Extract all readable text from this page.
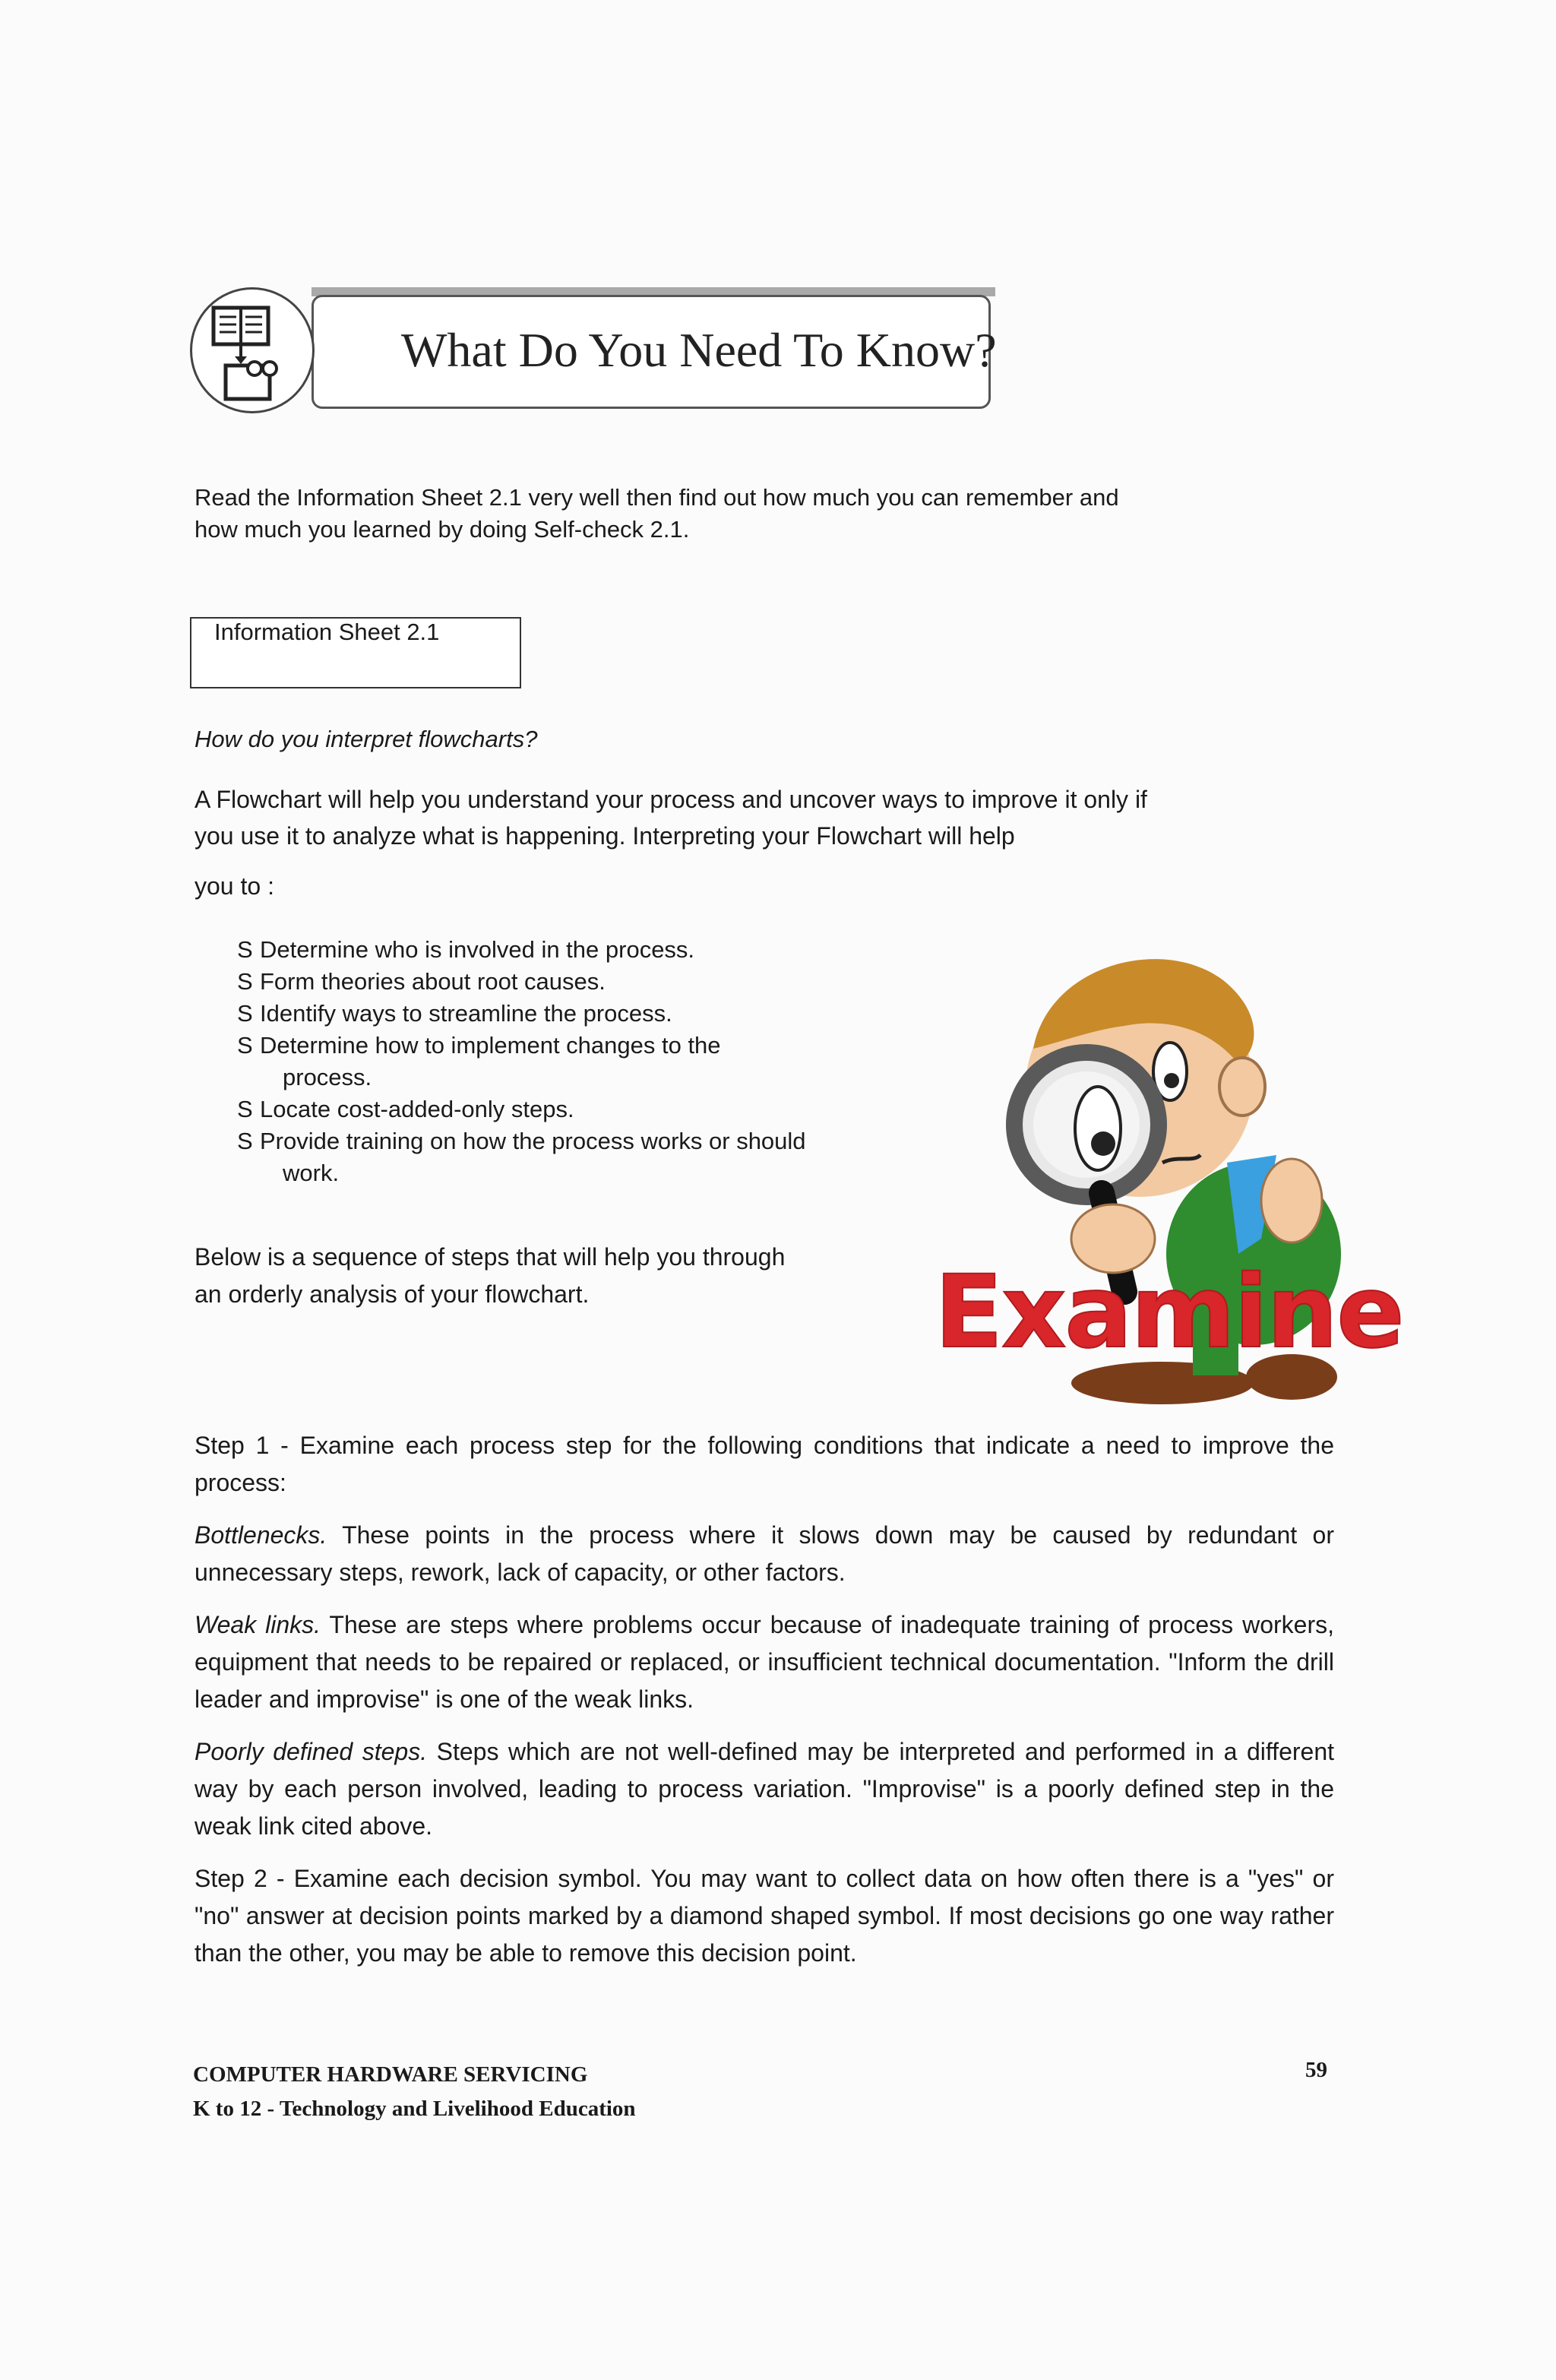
What Do You Need To Know?
Read the Information Sheet 2.1 very well then find out how much you can remember and
how much you learned by doing Self-check 2.1.
Information Sheet 2.1
How do you interpret flowcharts?
A Flowchart will help you understand your process and uncover ways to improve it only if
you use it to analyze what is happening. Interpreting your Flowchart will help
you to :
S Determine who is involved in the process.
S Form theories about root causes.
S Identify ways to streamline the process.
S Determine how to implement changes to the process.
S Locate cost-added-only steps.
S Provide training on how the process works or should work.
Below is a sequence of steps that will help you through
an orderly analysis of your flowchart.	Examine

Step 1 - Examine each process step for the following conditions that indicate a need to improve the process:

Bottlenecks. These points in the process where it slows down may be caused by redundant or unnecessary steps, rework, lack of capacity, or other factors.

Weak links. These are steps where problems occur because of inadequate training of process workers, equipment that needs to be repaired or replaced, or insufficient technical documentation. "Inform the drill leader and improvise" is one of the weak links.

Poorly defined steps. Steps which are not well-defined may be interpreted and performed in a different way by each person involved, leading to process variation. "Improvise" is a poorly defined step in the weak link cited above.

Step 2 - Examine each decision symbol. You may want to collect data on how often there is a "yes" or "no" answer at decision points marked by a diamond shaped symbol. If most decisions go one way rather than the other, you may be able to remove this decision point.

COMPUTER HARDWARE SERVICING
K to 12 - Technology and Livelihood Education
59
